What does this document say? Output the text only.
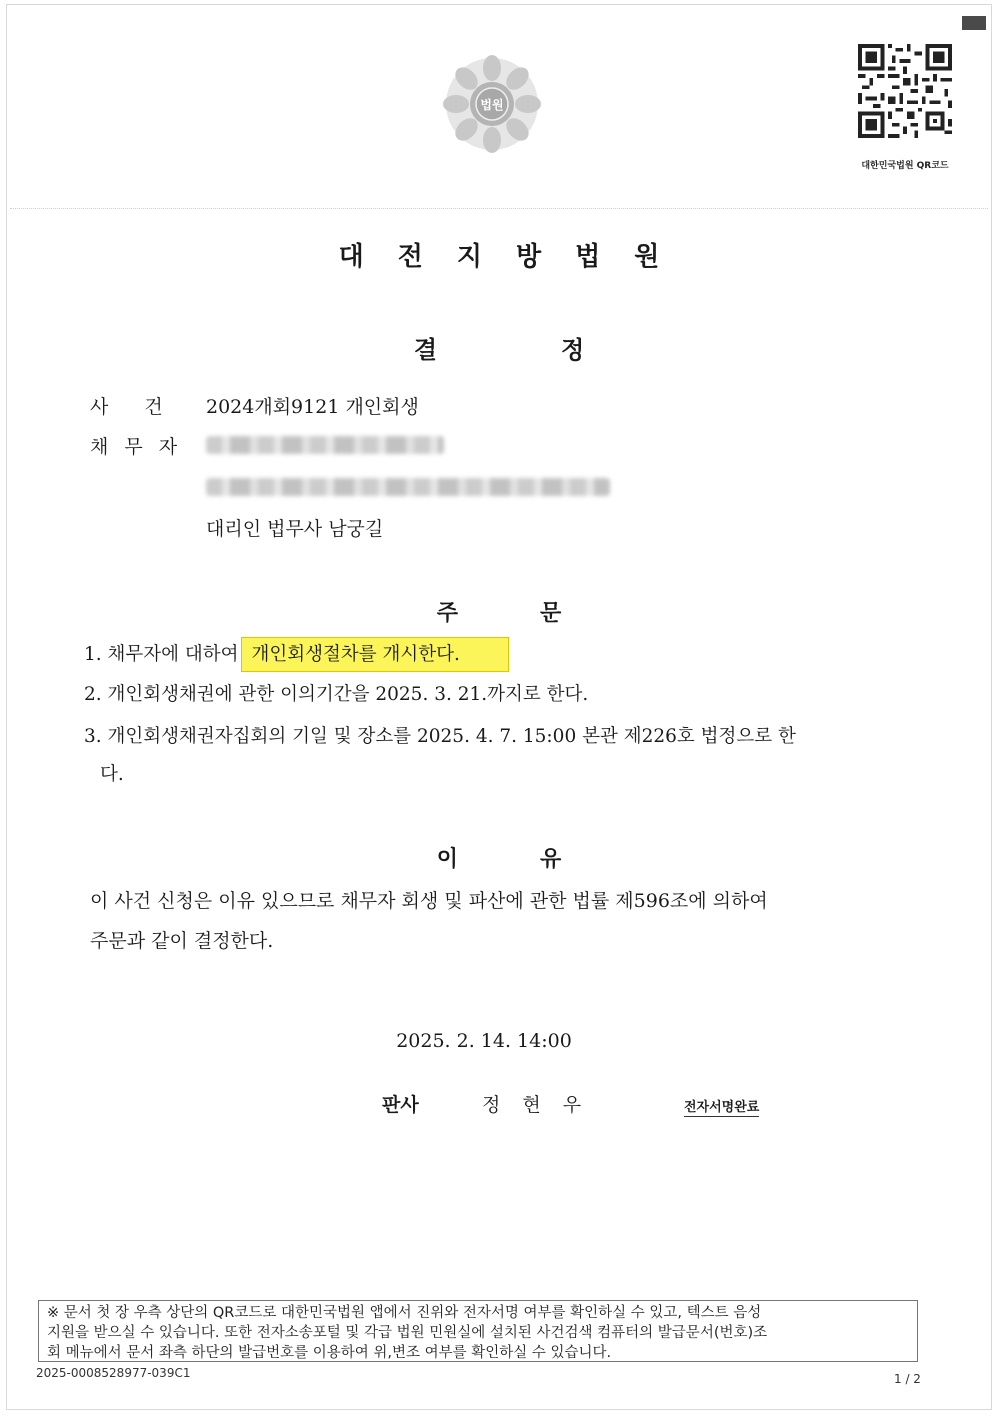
법원
대한민국법원 QR코드
대전지방법원
결정
사건 2024개회9121 개인회생
채무자
대리인 법무사 남궁길
주문
1. 채무자에 대하여 개인회생절차를 개시한다.
2. 개인회생채권에 관한 이의기간을 2025. 3. 21.까지로 한다.
3. 개인회생채권자집회의 기일 및 장소를 2025. 4. 7. 15:00 본관 제226호 법정으로 한
다.
이유
이 사건 신청은 이유 있으므로 채무자 회생 및 파산에 관한 법률 제596조에 의하여
주문과 같이 결정한다.
2025. 2. 14. 14:00
판사	정현우	전자서명완료
※ 문서 첫 장 우측 상단의 QR코드로 대한민국법원 앱에서 진위와 전자서명 여부를 확인하실 수 있고, 텍스트 음성
지원을 받으실 수 있습니다. 또한 전자소송포털 및 각급 법원 민원실에 설치된 사건검색 컴퓨터의 발급문서(번호)조
회 메뉴에서 문서 좌측 하단의 발급번호를 이용하여 위,변조 여부를 확인하실 수 있습니다.
2025-0008528977-039C1	1 / 2
